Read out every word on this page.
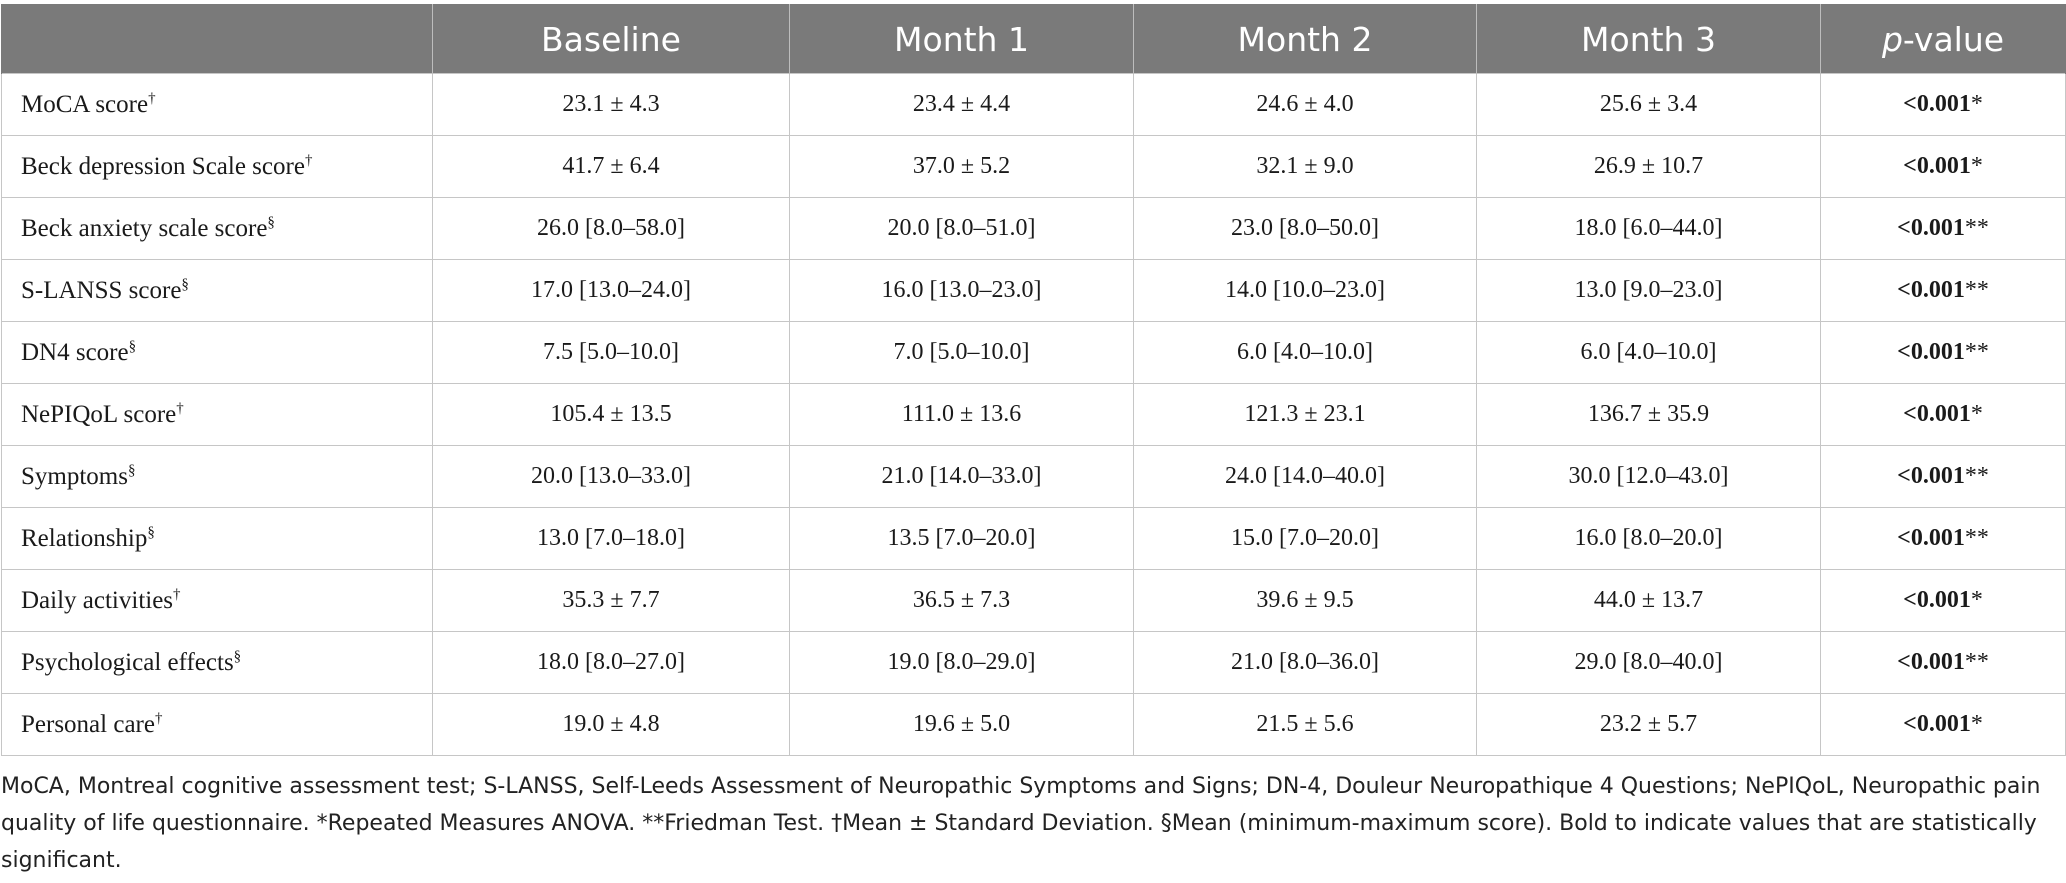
	Baseline	Month 1	Month 2	Month 3	p-value
MoCA score†	23.1 ± 4.3	23.4 ± 4.4	24.6 ± 4.0	25.6 ± 3.4	<0.001*
Beck depression Scale score†	41.7 ± 6.4	37.0 ± 5.2	32.1 ± 9.0	26.9 ± 10.7	<0.001*
Beck anxiety scale score§	26.0 [8.0–58.0]	20.0 [8.0–51.0]	23.0 [8.0–50.0]	18.0 [6.0–44.0]	<0.001**
S-LANSS score§	17.0 [13.0–24.0]	16.0 [13.0–23.0]	14.0 [10.0–23.0]	13.0 [9.0–23.0]	<0.001**
DN4 score§	7.5 [5.0–10.0]	7.0 [5.0–10.0]	6.0 [4.0–10.0]	6.0 [4.0–10.0]	<0.001**
NePIQoL score†	105.4 ± 13.5	111.0 ± 13.6	121.3 ± 23.1	136.7 ± 35.9	<0.001*
Symptoms§	20.0 [13.0–33.0]	21.0 [14.0–33.0]	24.0 [14.0–40.0]	30.0 [12.0–43.0]	<0.001**
Relationship§	13.0 [7.0–18.0]	13.5 [7.0–20.0]	15.0 [7.0–20.0]	16.0 [8.0–20.0]	<0.001**
Daily activities†	35.3 ± 7.7	36.5 ± 7.3	39.6 ± 9.5	44.0 ± 13.7	<0.001*
Psychological effects§	18.0 [8.0–27.0]	19.0 [8.0–29.0]	21.0 [8.0–36.0]	29.0 [8.0–40.0]	<0.001**
Personal care†	19.0 ± 4.8	19.6 ± 5.0	21.5 ± 5.6	23.2 ± 5.7	<0.001*
MoCA, Montreal cognitive assessment test; S-LANSS, Self-Leeds Assessment of Neuropathic Symptoms and Signs; DN-4, Douleur Neuropathique 4 Questions; NePIQoL, Neuropathic pain quality of life questionnaire. *Repeated Measures ANOVA. **Friedman Test. †Mean ± Standard Deviation. §Mean (minimum-maximum score). Bold to indicate values that are statistically significant.
